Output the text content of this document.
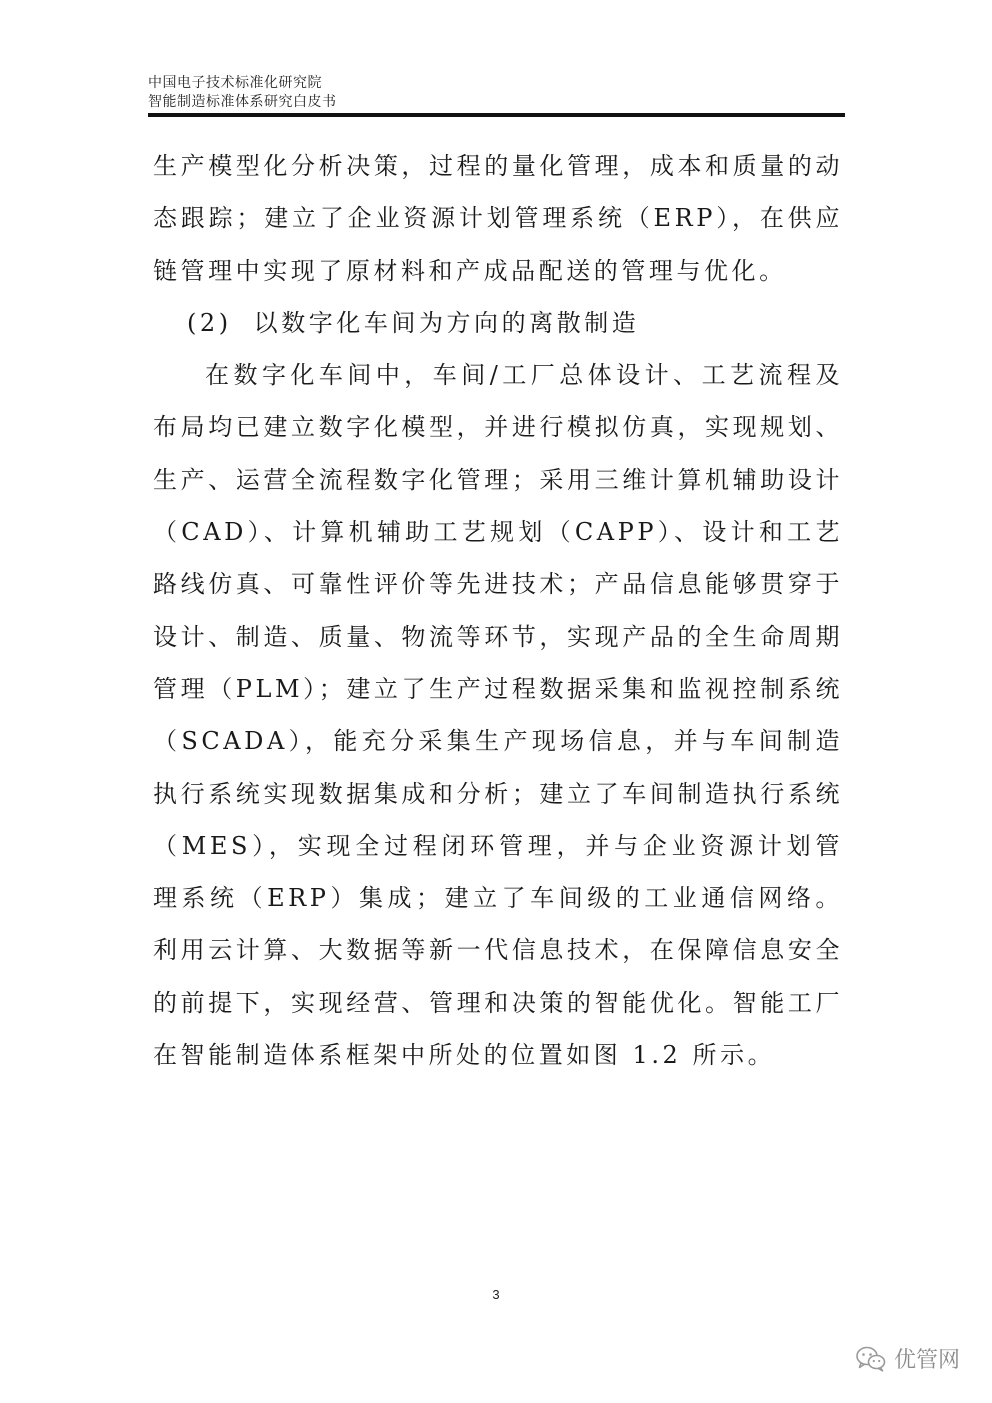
中国电子技术标准化研究院
智能制造标准体系研究白皮书

生产模型化分析决策，过程的量化管理，成本和质量的动态跟踪；建立了企业资源计划管理系统（ERP），在供应链管理中实现了原材料和产成品配送的管理与优化。

(2) 以数字化车间为方向的离散制造

在数字化车间中，车间/工厂总体设计、工艺流程及布局均已建立数字化模型，并进行模拟仿真，实现规划、生产、运营全流程数字化管理；采用三维计算机辅助设计（CAD）、计算机辅助工艺规划（CAPP）、设计和工艺路线仿真、可靠性评价等先进技术；产品信息能够贯穿于设计、制造、质量、物流等环节，实现产品的全生命周期管理（PLM）；建立了生产过程数据采集和监视控制系统（SCADA），能充分采集生产现场信息，并与车间制造执行系统实现数据集成和分析；建立了车间制造执行系统（MES），实现全过程闭环管理，并与企业资源计划管理系统（ERP）集成；建立了车间级的工业通信网络。利用云计算、大数据等新一代信息技术，在保障信息安全的前提下，实现经营、管理和决策的智能优化。智能工厂在智能制造体系框架中所处的位置如图 1.2 所示。

3
优管网
